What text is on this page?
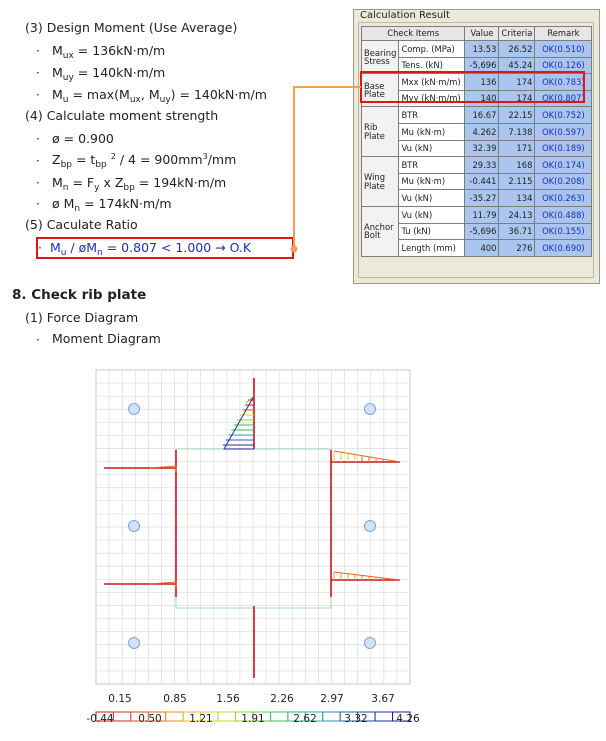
(3) Design Moment (Use Average)
· $M_{ux} = 136kN\cdot m/m$
· $M_{uy} = 140kN\cdot m/m$
· $M_u = \max(M_{ux}$, $M_{uy}) = 140kN\cdot m/m$
(4) Calculate moment strength
· ø = 0.900
· $Z_{bp} = t_{bp}$ $^2 / 4 = 900mm^3/mm$
· $M_n = F_y$ x $Z_{bp} = 194kN\cdot m/m$
· ø $M_n = 174kN\cdot m/m$
(5) Caculate Ratio
· $M_u$ / $øM_n = 0.807 < 1.000 \to O.K$
8. Check rib plate
(1) Force Diagram
· Moment Diagram
Calculation Result
Check Items		Value	Criteria	Remark
Bearing Stress	Comp. (MPa)	13.53	26.52	OK(0.510)
	Tens. (kN)	-5,696	45.24	OK(0.126)
Base Plate	Mxx (kN·m/m)	136	174	OK(0.783)
	Myy (kN·m/m)	140	174	OK(0.807)
Rib Plate	BTR	16.67	22.15	OK(0.752)
	Mu (kN·m)	4.262	7.138	OK(0.597)
	Vu (kN)	32.39	171	OK(0.189)
Wing Plate	BTR	29.33	168	OK(0.174)
	Mu (kN·m)	-0.441	2.115	OK(0.208)
	Vu (kN)	-35.27	134	OK(0.263)
Anchor Bolt	Vu (kN)	11.79	24.13	OK(0.488)
	Tu (kN)	-5,696	36.71	OK(0.155)
	Length (mm)	400	276	OK(0.690)
0.15	0.85	1.56	2.26	2.97	3.67
-0.44 0.50	1.21	1.91	2.62	3.32	4.26
